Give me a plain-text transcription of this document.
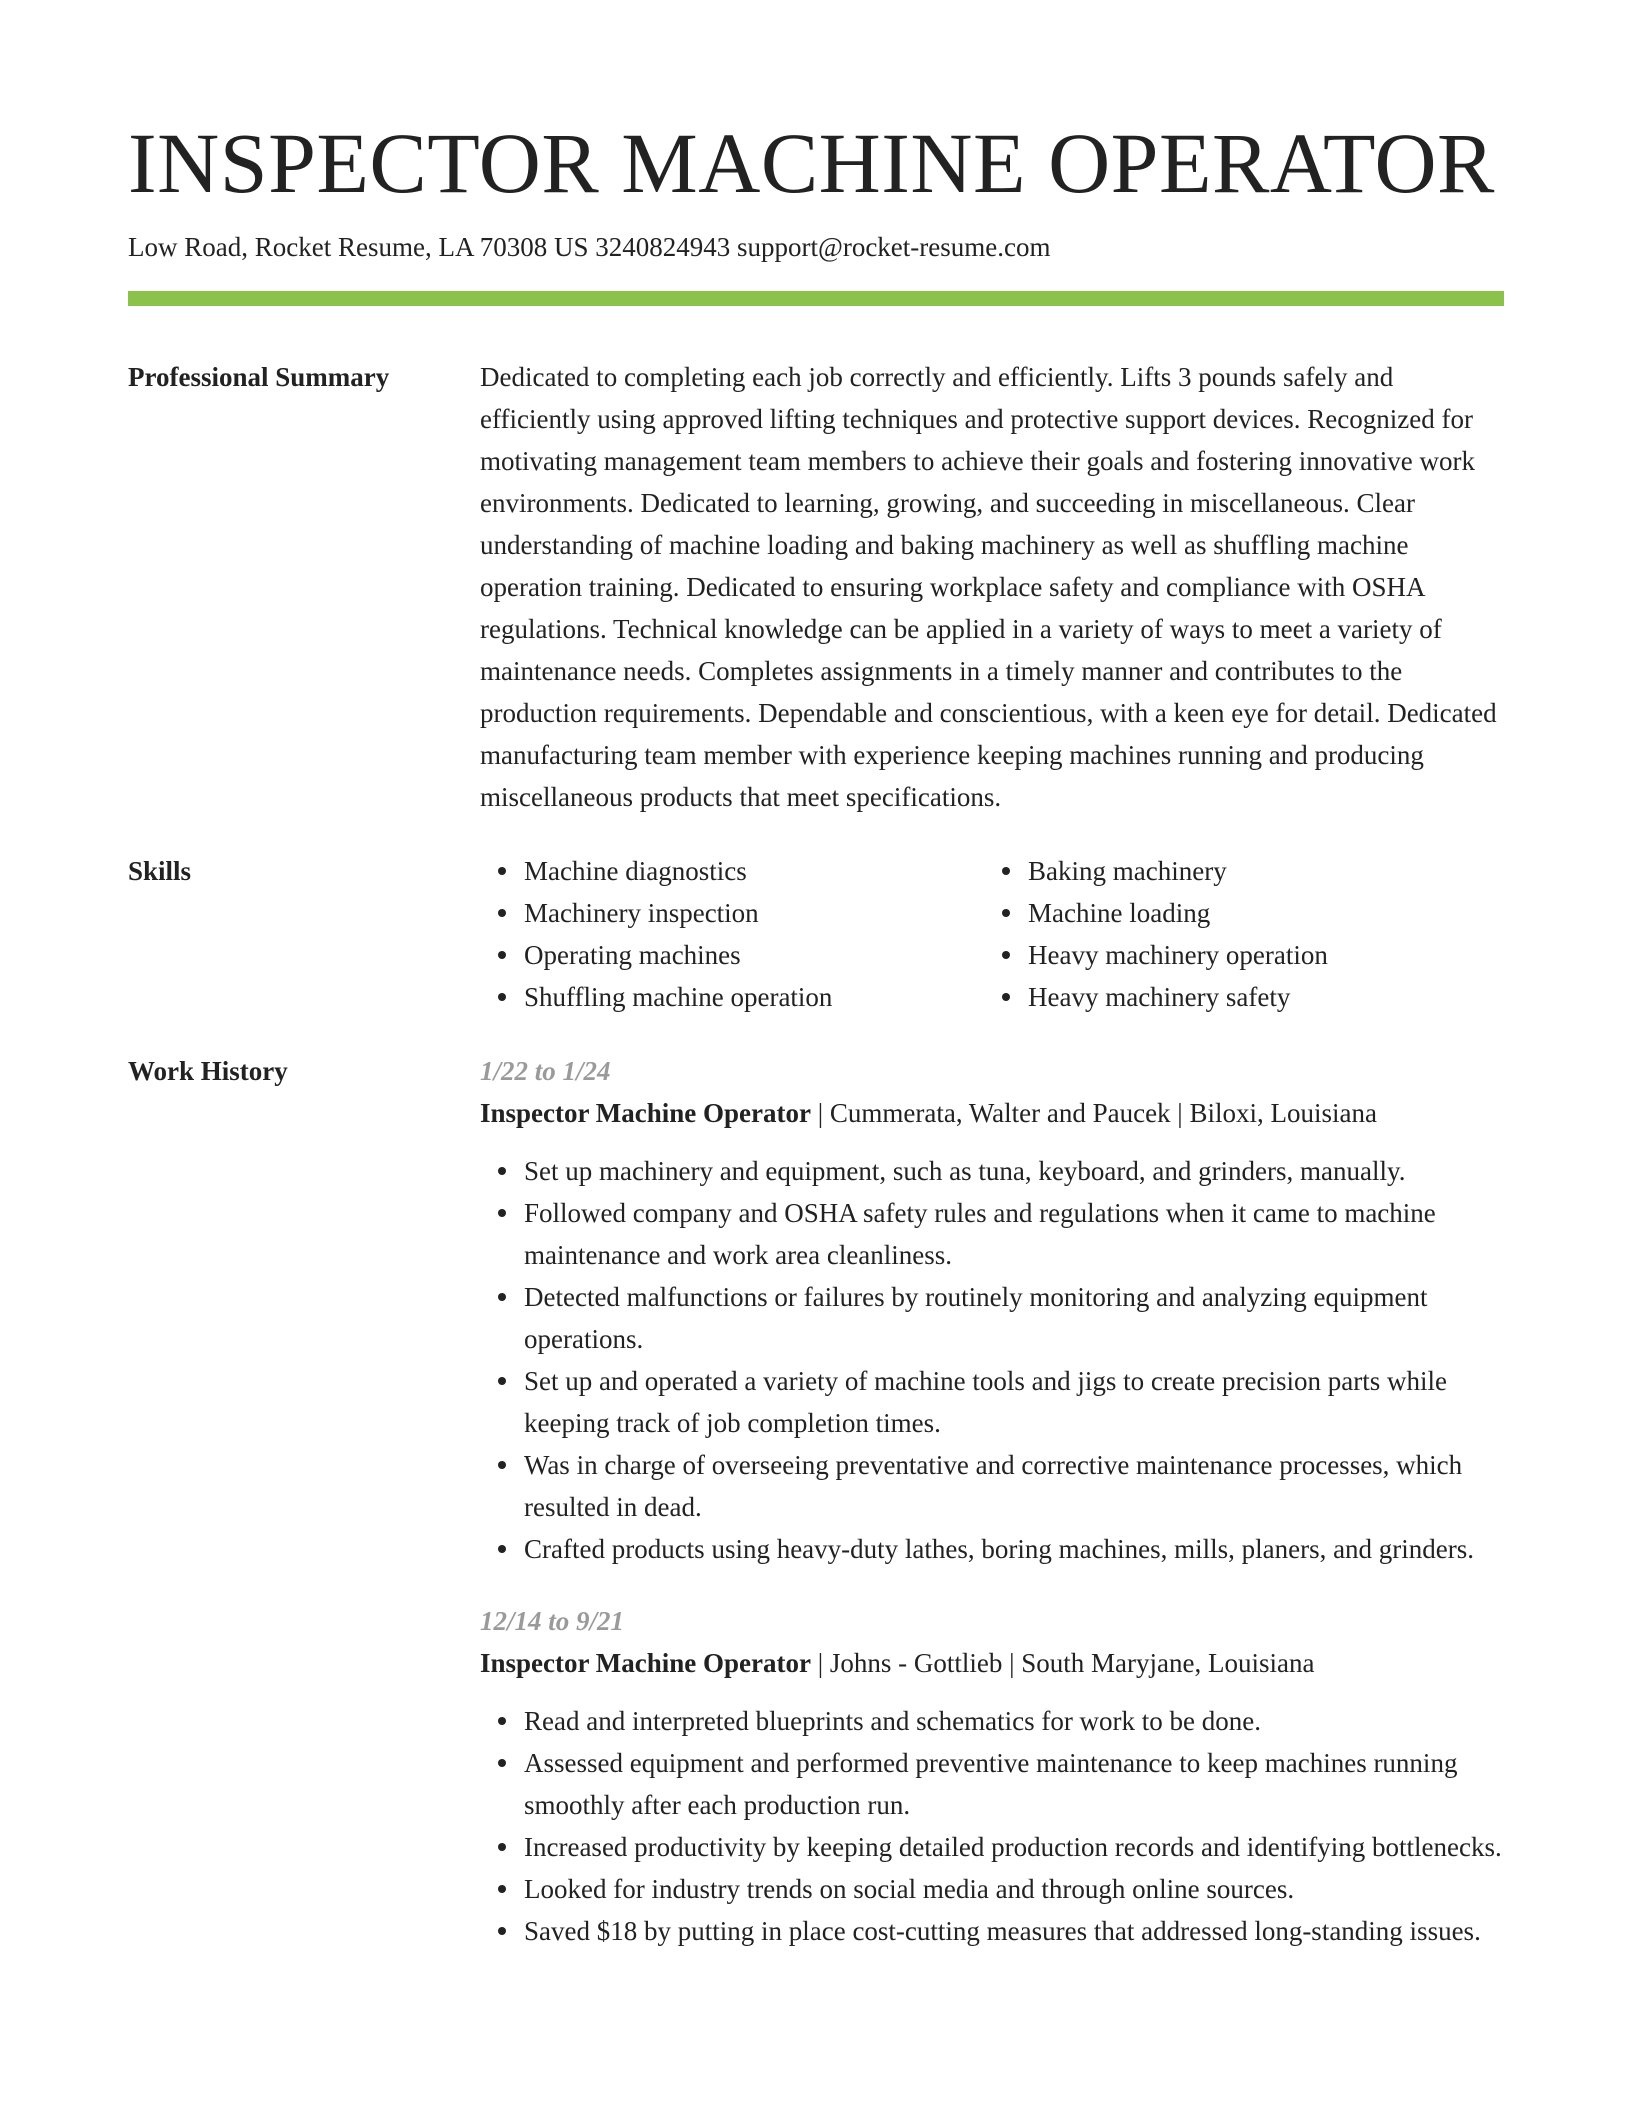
INSPECTOR MACHINE OPERATOR
Low Road, Rocket Resume, LA 70308 US 3240824943 support@rocket-resume.com
Professional Summary	Dedicated to completing each job correctly and efficiently. Lifts 3 pounds safely and efficiently using approved lifting techniques and protective support devices. Recognized for motivating management team members to achieve their goals and fostering innovative work environments. Dedicated to learning, growing, and succeeding in miscellaneous. Clear understanding of machine loading and baking machinery as well as shuffling machine operation training. Dedicated to ensuring workplace safety and compliance with OSHA regulations. Technical knowledge can be applied in a variety of ways to meet a variety of maintenance needs. Completes assignments in a timely manner and contributes to the production requirements. Dependable and conscientious, with a keen eye for detail. Dedicated manufacturing team member with experience keeping machines running and producing miscellaneous products that meet specifications.

Skills	Machine diagnostics
Machinery inspection
Operating machines
Shuffling machine operation
Baking machinery
Machine loading
Heavy machinery operation
Heavy machinery safety
Work History	1/22 to 1/24
Inspector Machine Operator | Cummerata, Walter and Paucek | Biloxi, Louisiana
Set up machinery and equipment, such as tuna, keyboard, and grinders, manually.
Followed company and OSHA safety rules and regulations when it came to machine maintenance and work area cleanliness.
Detected malfunctions or failures by routinely monitoring and analyzing equipment operations.
Set up and operated a variety of machine tools and jigs to create precision parts while keeping track of job completion times.
Was in charge of overseeing preventative and corrective maintenance processes, which resulted in dead.
Crafted products using heavy-duty lathes, boring machines, mills, planers, and grinders.
12/14 to 9/21
Inspector Machine Operator | Johns - Gottlieb | South Maryjane, Louisiana
Read and interpreted blueprints and schematics for work to be done.
Assessed equipment and performed preventive maintenance to keep machines running smoothly after each production run.
Increased productivity by keeping detailed production records and identifying bottlenecks.
Looked for industry trends on social media and through online sources.
Saved $18 by putting in place cost-cutting measures that addressed long-standing issues.
